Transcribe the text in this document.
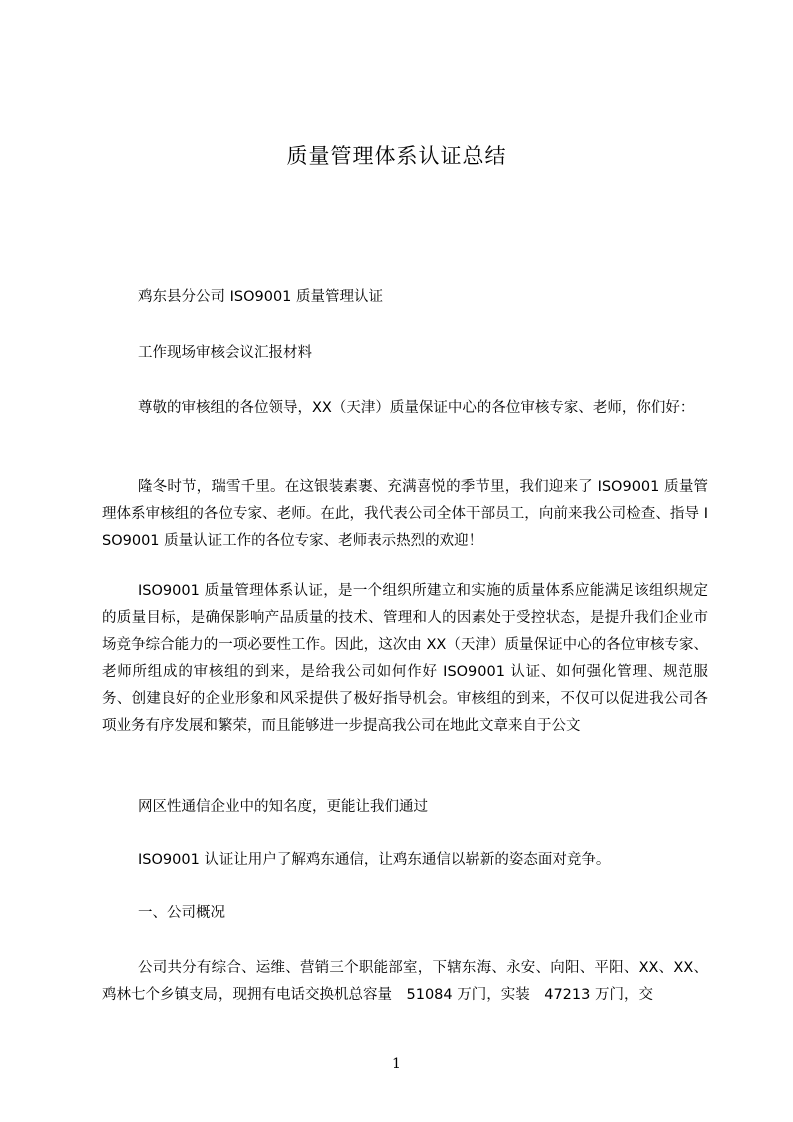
质量管理体系认证总结
鸡东县分公司 ISO9001 质量管理认证
工作现场审核会议汇报材料
尊敬的审核组的各位领导，XX（天津）质量保证中心的各位审核专家、老师，你们好：
隆冬时节，瑞雪千里。在这银装素裹、充满喜悦的季节里，我们迎来了 ISO9001 质量管理体系审核组的各位专家、老师。在此，我代表公司全体干部员工，向前来我公司检查、指导 ISO9001 质量认证工作的各位专家、老师表示热烈的欢迎！
ISO9001 质量管理体系认证，是一个组织所建立和实施的质量体系应能满足该组织规定的质量目标，是确保影响产品质量的技术、管理和人的因素处于受控状态，是提升我们企业市场竞争综合能力的一项必要性工作。因此，这次由 XX（天津）质量保证中心的各位审核专家、老师所组成的审核组的到来，是给我公司如何作好 ISO9001 认证、如何强化管理、规范服务、创建良好的企业形象和风采提供了极好指导机会。审核组的到来，不仅可以促进我公司各项业务有序发展和繁荣，而且能够进一步提高我公司在地此文章来自于公文
网区性通信企业中的知名度，更能让我们通过
ISO9001 认证让用户了解鸡东通信，让鸡东通信以崭新的姿态面对竞争。
一、公司概况
公司共分有综合、运维、营销三个职能部室，下辖东海、永安、向阳、平阳、XX、XX、鸡林七个乡镇支局，现拥有电话交换机总容量　51084 万门，实装　47213 万门，交
1
